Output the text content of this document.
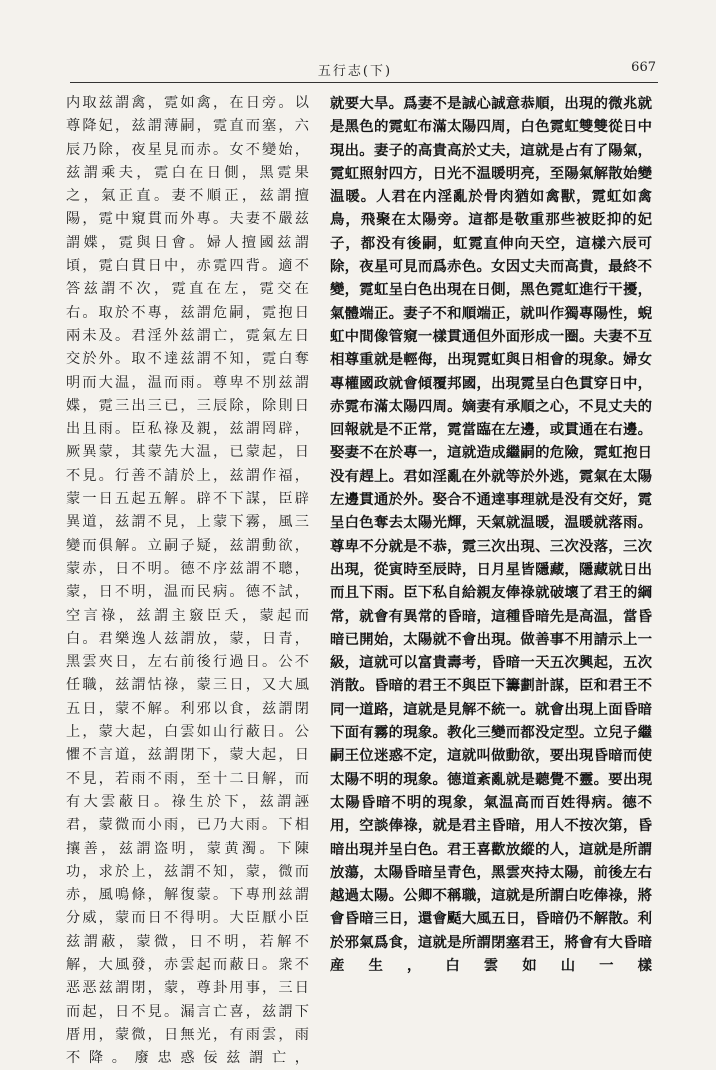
五行志(下)	667
内取兹謂禽，霓如禽，在日旁。以尊降妃，兹謂薄嗣，霓直而塞，六辰乃除，夜星見而赤。女不變始，兹謂乘夫，霓白在日側，黑霓果之，氣正直。妻不順正，兹謂擅陽，霓中窺貫而外專。夫妻不嚴兹謂媟，霓與日會。婦人擅國兹謂頃，霓白貫日中，赤霓四背。適不答兹謂不次，霓直在左，霓交在右。取於不專，兹謂危嗣，霓抱日兩未及。君淫外兹謂亡，霓氣左日交於外。取不達兹謂不知，霓白奪明而大温，温而雨。尊卑不別兹謂媟，霓三出三已，三辰除，除則日出且雨。臣私祿及親，兹謂罔辟，厥異蒙，其蒙先大温，已蒙起，日不見。行善不請於上，兹謂作福，蒙一日五起五解。辟不下謀，臣辟異道，兹謂不見，上蒙下霧，風三變而俱解。立嗣子疑，兹謂動欲，蒙赤，日不明。德不序兹謂不聰，蒙，日不明，温而民病。德不試，空言祿，兹謂主竅臣夭，蒙起而白。君樂逸人兹謂放，蒙，日青，黑雲夾日，左右前後行過日。公不任職，兹謂怙祿，蒙三日，又大風五日，蒙不解。利邪以食，兹謂閉上，蒙大起，白雲如山行蔽日。公懼不言道，兹謂閉下，蒙大起，日不見，若雨不雨，至十二日解，而有大雲蔽日。祿生於下，兹謂誣君，蒙微而小雨，已乃大雨。下相攘善，兹謂盗明，蒙黄濁。下陳功，求於上，兹謂不知，蒙，微而赤，風鳴條，解復蒙。下專刑兹謂分威，蒙而日不得明。大臣厭小臣兹謂蔽，蒙微，日不明，若解不解，大風發，赤雲起而蔽日。衆不恶恶兹謂閉，蒙，尊卦用事，三日而起，日不見。漏言亡喜，兹謂下厝用，蒙微，日無光，有雨雲，雨不降。廢忠惑佞兹謂亡，
就要大旱。爲妻不是誠心誠意恭順，出現的微兆就是黑色的霓虹布滿太陽四周，白色霓虹雙雙從日中現出。妻子的高貴高於丈夫，這就是占有了陽氣，霓虹照射四方，日光不温暖明亮，至陽氣解散始變温暖。人君在内淫亂於骨肉猶如禽獸，霓虹如禽鳥，飛聚在太陽旁。這都是敬重那些被貶抑的妃子，都没有後嗣，虹霓直伸向天空，這樣六辰可除，夜星可見而爲赤色。女因丈夫而高貴，最終不變，霓虹呈白色出現在日側，黑色霓虹進行干擾，氣體端正。妻子不和順端正，就叫作獨專陽性，蜺虹中間像管窺一樣貫通但外面形成一圈。夫妻不互相尊重就是輕侮，出現霓虹與日相會的現象。婦女專權國政就會傾覆邦國，出現霓呈白色貫穿日中，赤霓布滿太陽四周。嫡妻有承順之心，不見丈夫的回報就是不正常，霓當臨在左邊，或貫通在右邊。娶妻不在於專一，這就造成繼嗣的危險，霓虹抱日没有趕上。君如淫亂在外就等於外逃，霓氣在太陽左邊貫通於外。娶合不通達事理就是没有交好，霓呈白色奪去太陽光輝，天氣就温暖，温暖就落雨。尊卑不分就是不恭，霓三次出現、三次没落，三次出現，從寅時至辰時，日月星皆隱藏，隱藏就日出而且下雨。臣下私自給親友俸祿就破壞了君王的綱常，就會有異常的昏暗，這種昏暗先是高温，當昏暗已開始，太陽就不會出現。做善事不用請示上一級，這就可以富貴壽考，昏暗一天五次興起，五次消散。昏暗的君王不與臣下籌劃計謀，臣和君王不同一道路，這就是見解不統一。就會出現上面昏暗下面有霧的現象。教化三變而都没定型。立兒子繼嗣王位迷惑不定，這就叫做動欲，要出現昏暗而使太陽不明的現象。德道紊亂就是聽覺不靈。要出現太陽昏暗不明的現象，氣温高而百姓得病。德不用，空談俸祿，就是君主昏暗，用人不按次第，昏暗出現并呈白色。君王喜歡放縱的人，這就是所謂放蕩，太陽昏暗呈青色，黑雲夾持太陽，前後左右越過太陽。公卿不稱職，這就是所謂白吃俸祿，將會昏暗三日，還會颳大風五日，昏暗仍不解散。利於邪氣爲食，這就是所謂閉塞君王，將會有大昏暗産生，白雲如山一樣
